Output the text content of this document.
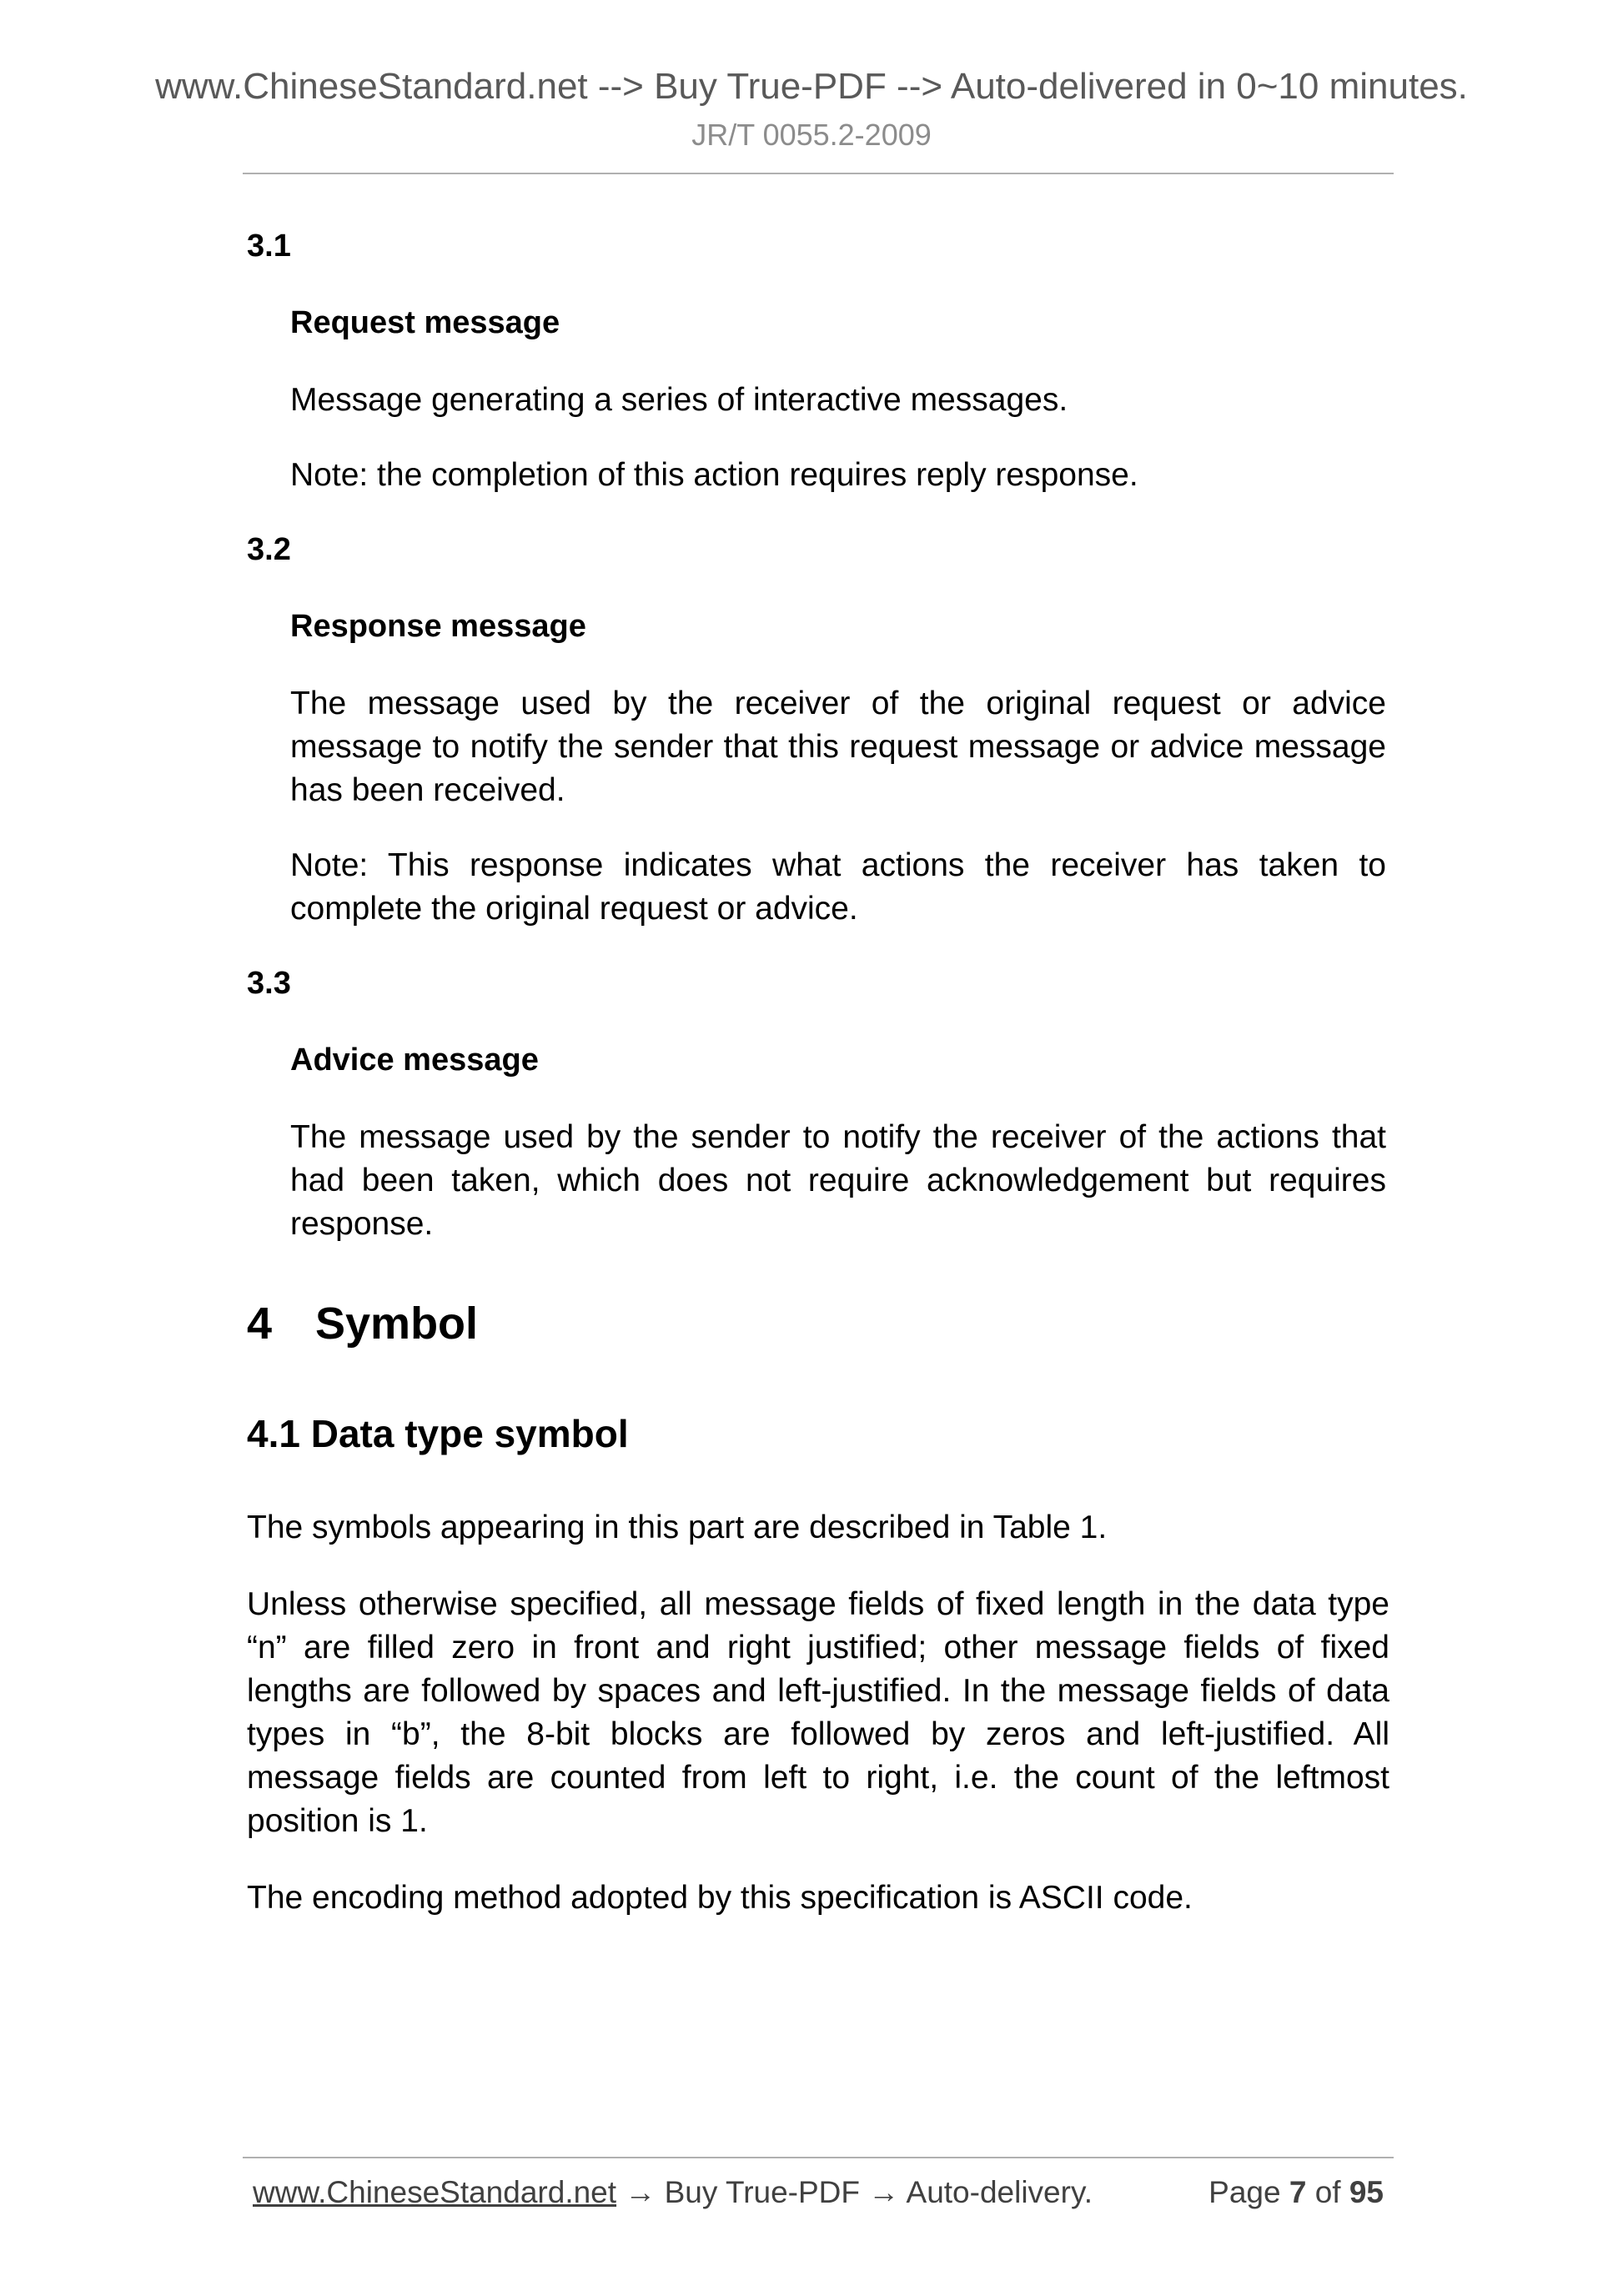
www.ChineseStandard.net --> Buy True-PDF --> Auto-delivered in 0~10 minutes.
JR/T 0055.2-2009
3.1
Request message
Message generating a series of interactive messages.
Note: the completion of this action requires reply response.
3.2
Response message
The message used by the receiver of the original request or advice message to notify the sender that this request message or advice message has been received.
Note: This response indicates what actions the receiver has taken to complete the original request or advice.
3.3
Advice message
The message used by the sender to notify the receiver of the actions that had been taken, which does not require acknowledgement but requires response.
4 Symbol
4.1 Data type symbol
The symbols appearing in this part are described in Table 1.
Unless otherwise specified, all message fields of fixed length in the data type “n” are filled zero in front and right justified; other message fields of fixed lengths are followed by spaces and left-justified. In the message fields of data types in “b”, the 8-bit blocks are followed by zeros and left-justified. All message fields are counted from left to right, i.e. the count of the leftmost position is 1.
The encoding method adopted by this specification is ASCII code.
www.ChineseStandard.net → Buy True-PDF → Auto-delivery.	Page 7 of 95
